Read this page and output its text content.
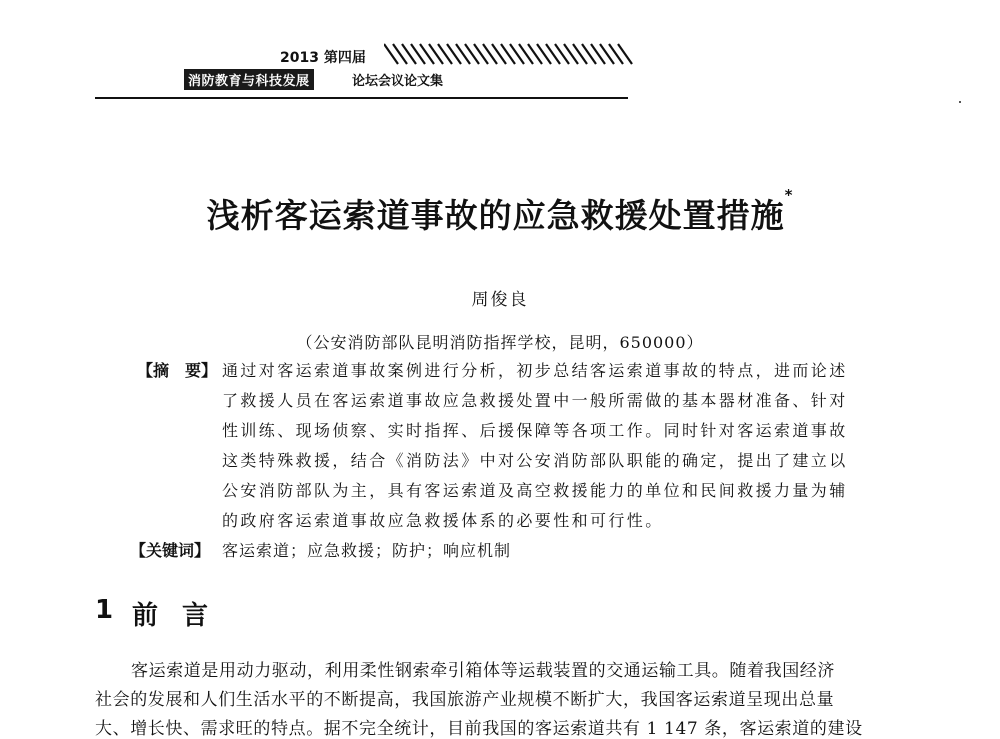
2013 第四届
消防教育与科技发展	论坛会议论文集
浅析客运索道事故的应急救援处置措施*
周俊良
（公安消防部队昆明消防指挥学校，昆明，650000）
【摘　要】 通过对客运索道事故案例进行分析，初步总结客运索道事故的特点，进而论述
了救援人员在客运索道事故应急救援处置中一般所需做的基本器材准备、针对
性训练、现场侦察、实时指挥、后援保障等各项工作。同时针对客运索道事故
这类特殊救援，结合《消防法》中对公安消防部队职能的确定，提出了建立以
公安消防部队为主，具有客运索道及高空救援能力的单位和民间救援力量为辅
的政府客运索道事故应急救援体系的必要性和可行性。
【关键词】 客运索道；应急救援；防护；响应机制
1 前言
客运索道是用动力驱动，利用柔性钢索牵引箱体等运载装置的交通运输工具。随着我国经济
社会的发展和人们生活水平的不断提高，我国旅游产业规模不断扩大，我国客运索道呈现出总量
大、增长快、需求旺的特点。据不完全统计，目前我国的客运索道共有 1 147 条，客运索道的建设
